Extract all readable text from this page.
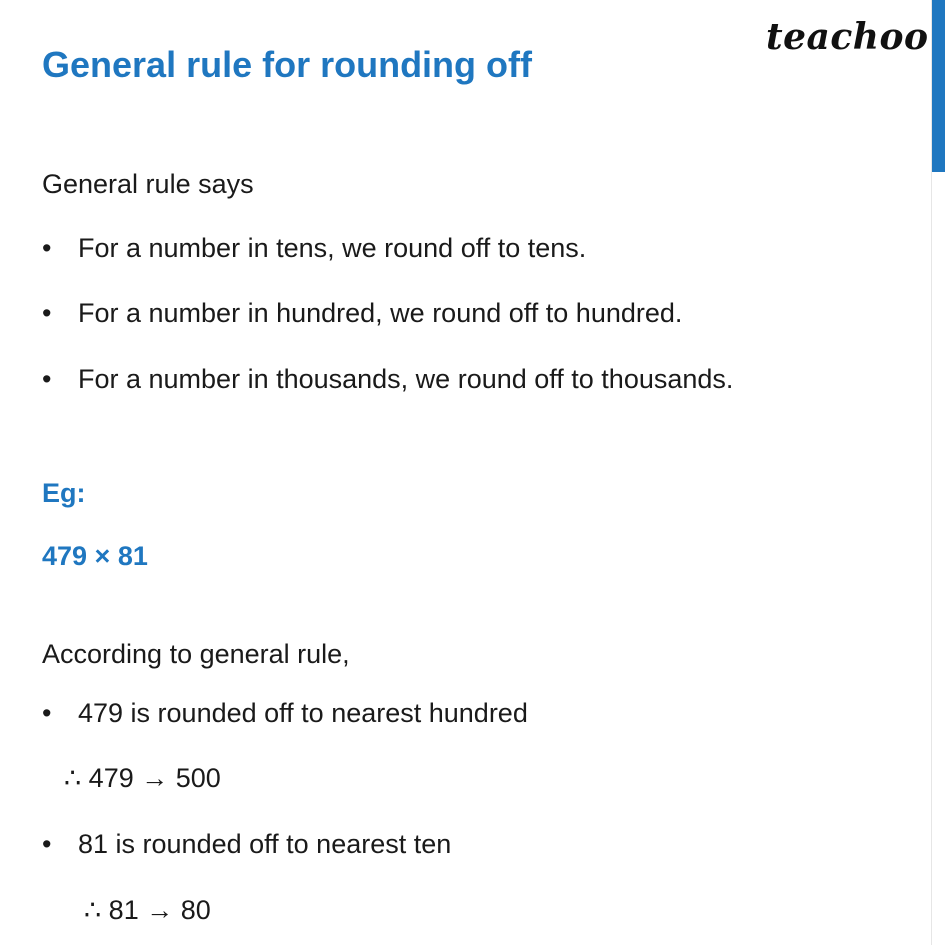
teachoo
General rule for rounding off

General rule says

• For a number in tens, we round off to tens.

• For a number in hundred, we round off to hundred.

• For a number in thousands, we round off to thousands.

Eg:

479 × 81

According to general rule,

• 479 is rounded off to nearest hundred

∴ 479 → 500

• 81 is rounded off to nearest ten

∴ 81 → 80
